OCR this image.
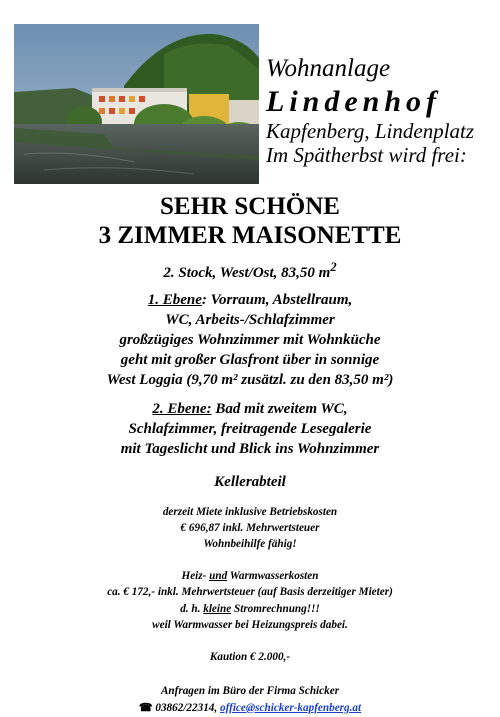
Wohnanlage

Lindenhof

Kapfenberg, Lindenplatz

Im Spätherbst wird frei:

SEHR SCHÖNE

3 ZIMMER MAISONETTE

2. Stock, West/Ost, 83,50 $m^2$
1. Ebene: Vorraum, Abstellraum,
WC, Arbeits-/Schlafzimmer
großzügiges Wohnzimmer mit Wohnküche
geht mit großer Glasfront über in sonnige
West Loggia (9,70 m² zusätzl. zu den 83,50 m²)
2. Ebene: Bad mit zweitem WC,
Schlafzimmer, freitragende Lesegalerie
mit Tageslicht und Blick ins Wohnzimmer
Kellerabteil
derzeit Miete inklusive Betriebskosten
€ 696,87 inkl. Mehrwertsteuer
Wohnbeihilfe fähig!
Heiz- und Warmwasserkosten
ca. € 172,- inkl. Mehrwertsteuer (auf Basis derzeitiger Mieter)
d. h. kleine Stromrechnung!!!
weil Warmwasser bei Heizungspreis dabei.
Kaution € 2.000,-
Anfragen im Büro der Firma Schicker
☎ 03862/22314, office@schicker-kapfenberg.at
